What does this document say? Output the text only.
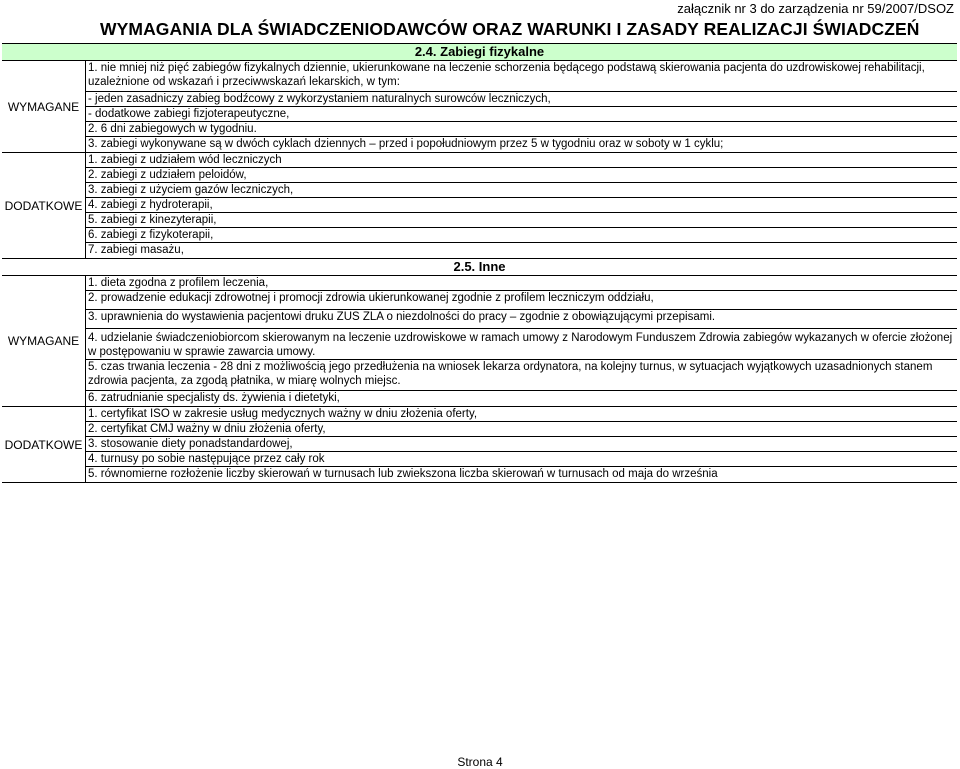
załącznik nr 3 do zarządzenia nr 59/2007/DSOZ
WYMAGANIA DLA ŚWIADCZENIODAWCÓW ORAZ WARUNKI I ZASADY REALIZACJI ŚWIADCZEŃ
2.4. Zabiegi fizykalne
WYMAGANE
1. nie mniej niż pięć zabiegów fizykalnych dziennie, ukierunkowane na leczenie schorzenia będącego podstawą skierowania pacjenta do uzdrowiskowej rehabilitacji, uzależnione od wskazań i przeciwwskazań lekarskich, w tym:
- jeden zasadniczy zabieg bodźcowy z wykorzystaniem naturalnych surowców leczniczych,
- dodatkowe zabiegi fizjoterapeutyczne,
2. 6 dni zabiegowych w tygodniu.
3. zabiegi wykonywane są w dwóch cyklach dziennych – przed i popołudniowym przez 5 w tygodniu oraz w soboty w 1 cyklu;
DODATKOWE
1. zabiegi z udziałem wód leczniczych
2. zabiegi z udziałem peloidów,
3. zabiegi z użyciem gazów leczniczych,
4. zabiegi z hydroterapii,
5. zabiegi z kinezyterapii,
6. zabiegi z fizykoterapii,
7. zabiegi masażu,
2.5. Inne
WYMAGANE
1. dieta zgodna z profilem leczenia,
2. prowadzenie edukacji zdrowotnej i promocji zdrowia ukierunkowanej zgodnie z profilem leczniczym oddziału,
3. uprawnienia do wystawienia pacjentowi druku ZUS ZLA o niezdolności do pracy – zgodnie z obowiązującymi przepisami.
4. udzielanie świadczeniobiorcom skierowanym na leczenie uzdrowiskowe w ramach umowy z Narodowym Funduszem Zdrowia zabiegów wykazanych w ofercie złożonej w postępowaniu w sprawie zawarcia umowy.
5. czas trwania leczenia - 28 dni z możliwością jego przedłużenia na wniosek lekarza ordynatora, na kolejny turnus, w sytuacjach wyjątkowych uzasadnionych stanem zdrowia pacjenta, za zgodą płatnika, w miarę wolnych miejsc.
6. zatrudnianie specjalisty ds. żywienia i dietetyki,
DODATKOWE
1. certyfikat ISO w zakresie usług medycznych ważny w dniu złożenia oferty,
2. certyfikat CMJ ważny w dniu złożenia oferty,
3. stosowanie diety ponadstandardowej,
4. turnusy po sobie następujące przez cały rok
5. równomierne rozłożenie liczby skierowań w turnusach lub zwiekszona liczba skierowań w turnusach od maja do września
Strona 4
